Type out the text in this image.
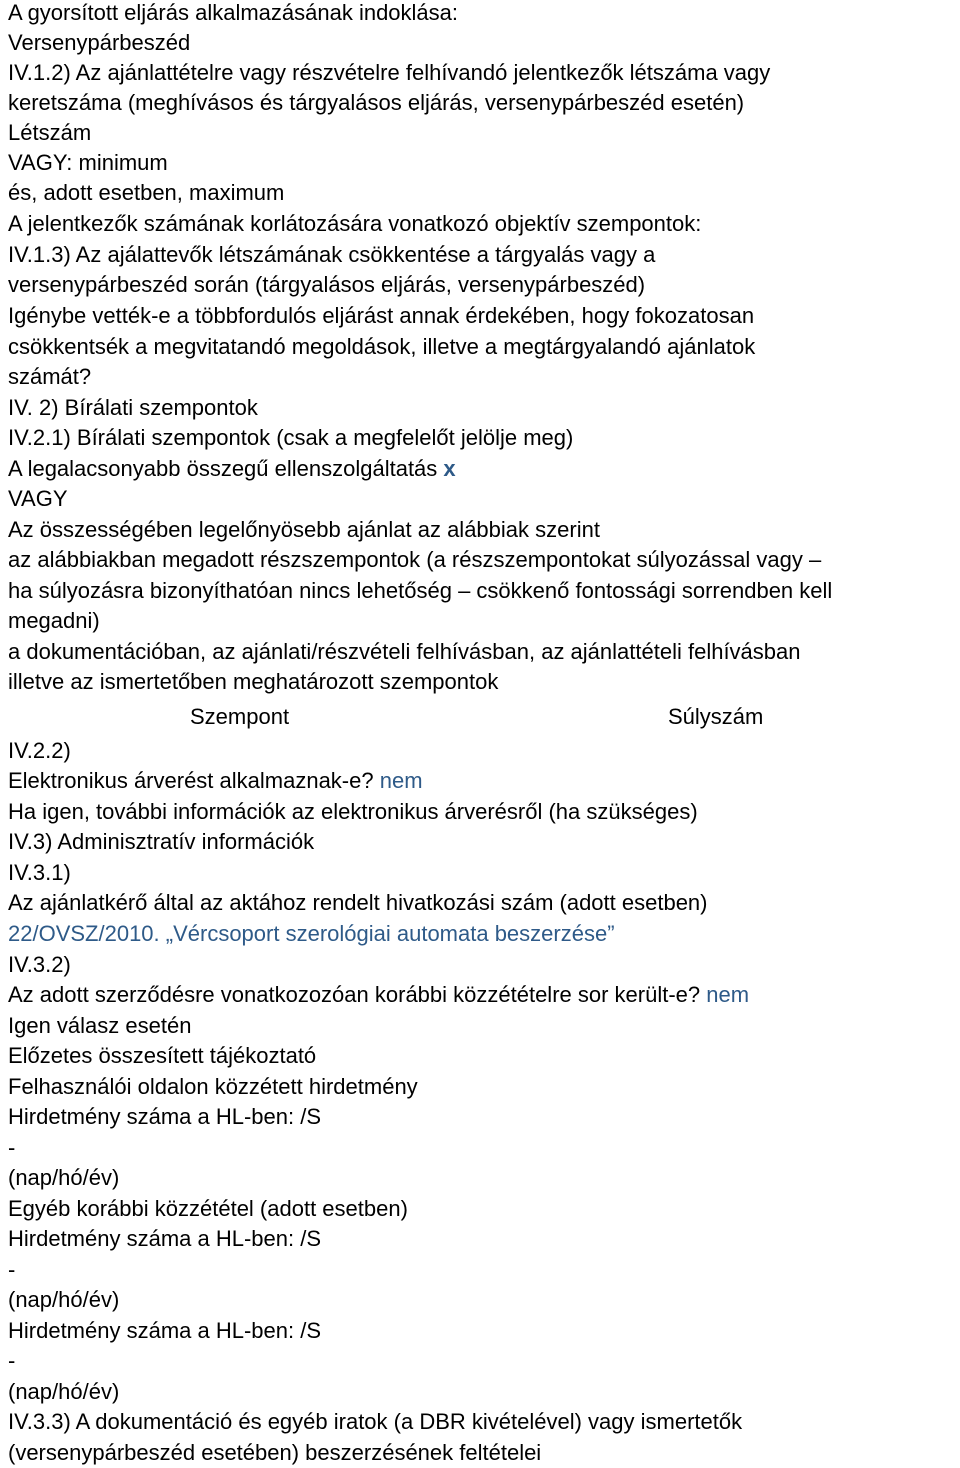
A gyorsított eljárás alkalmazásának indoklása:
Versenypárbeszéd
IV.1.2) Az ajánlattételre vagy részvételre felhívandó jelentkezők létszáma vagy
keretszáma (meghívásos és tárgyalásos eljárás, versenypárbeszéd esetén)
Létszám
VAGY: minimum
és, adott esetben, maximum
A jelentkezők számának korlátozására vonatkozó objektív szempontok:
IV.1.3) Az ajálattevők létszámának csökkentése a tárgyalás vagy a
versenypárbeszéd során (tárgyalásos eljárás, versenypárbeszéd)
Igénybe vették-e a többfordulós eljárást annak érdekében, hogy fokozatosan
csökkentsék a megvitatandó megoldások, illetve a megtárgyalandó ajánlatok
számát?
IV. 2) Bírálati szempontok
IV.2.1) Bírálati szempontok (csak a megfelelőt jelölje meg)
A legalacsonyabb összegű ellenszolgáltatás x
VAGY
Az összességében legelőnyösebb ajánlat az alábbiak szerint
az alábbiakban megadott részszempontok (a részszempontokat súlyozással vagy –
ha súlyozásra bizonyíthatóan nincs lehetőség – csökkenő fontossági sorrendben kell
megadni)
a dokumentációban, az ajánlati/részvételi felhívásban, az ajánlattételi felhívásban
illetve az ismertetőben meghatározott szempontok
Szempont	Súlyszám
IV.2.2)
Elektronikus árverést alkalmaznak-e? nem
Ha igen, további információk az elektronikus árverésről (ha szükséges)
IV.3) Adminisztratív információk
IV.3.1)
Az ajánlatkérő által az aktához rendelt hivatkozási szám (adott esetben)
22/OVSZ/2010. „Vércsoport szerológiai automata beszerzése”
IV.3.2)
Az adott szerződésre vonatkozozóan korábbi közzétételre sor került-e? nem
Igen válasz esetén
Előzetes összesített tájékoztató
Felhasználói oldalon közzétett hirdetmény
Hirdetmény száma a HL-ben: /S
-
(nap/hó/év)
Egyéb korábbi közzététel (adott esetben)
Hirdetmény száma a HL-ben: /S
-
(nap/hó/év)
Hirdetmény száma a HL-ben: /S
-
(nap/hó/év)
IV.3.3) A dokumentáció és egyéb iratok (a DBR kivételével) vagy ismertetők
(versenypárbeszéd esetében) beszerzésének feltételei
